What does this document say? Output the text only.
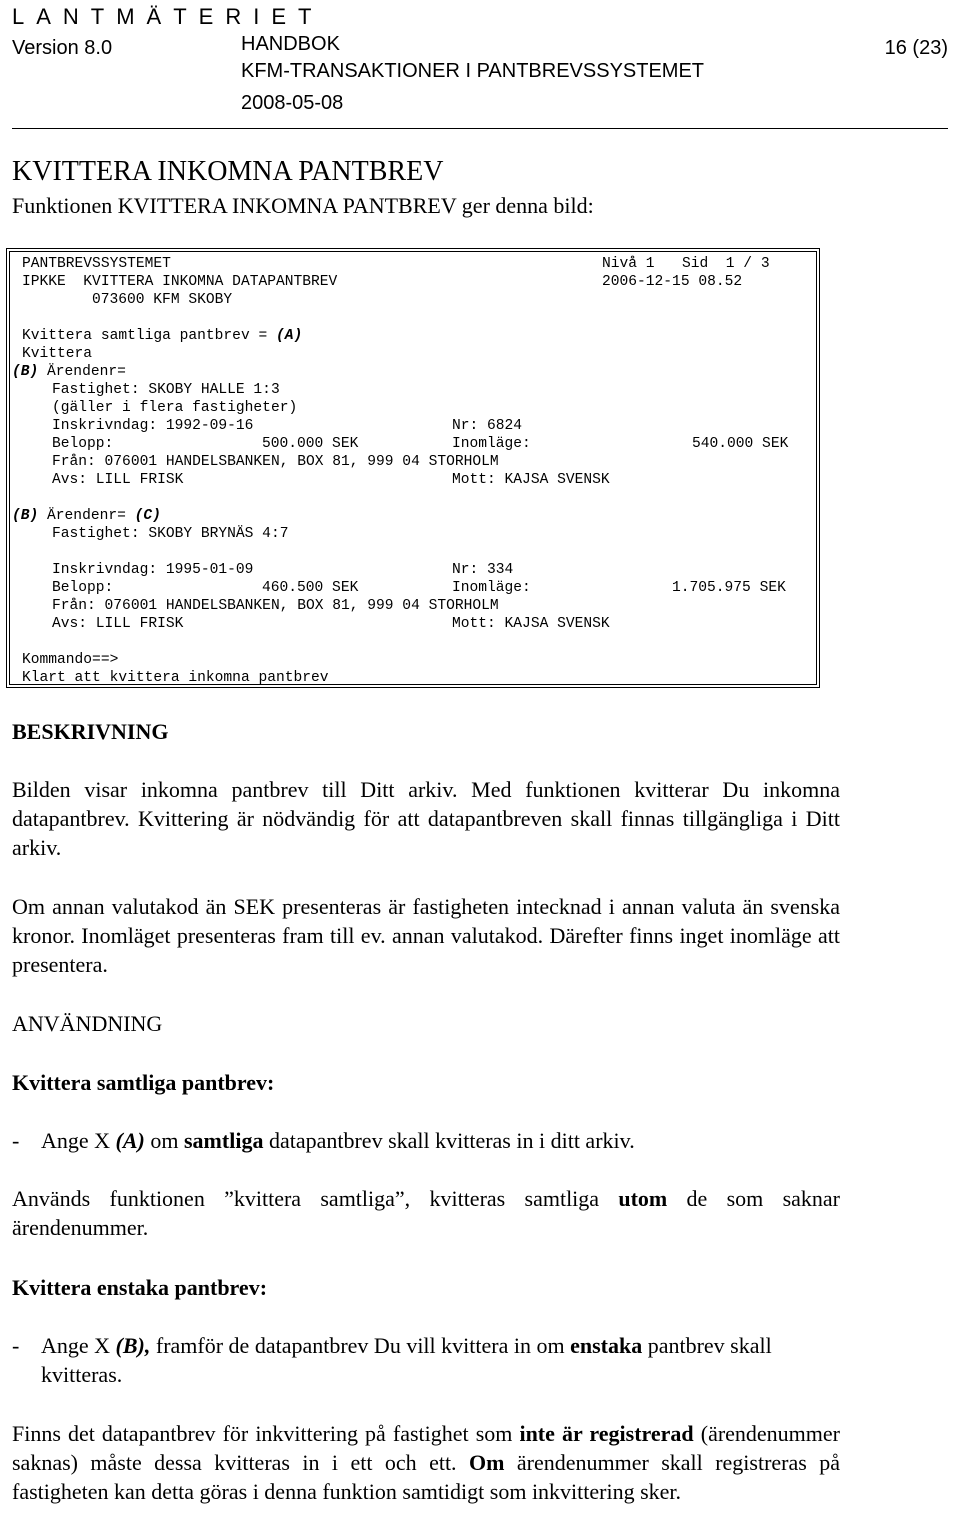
LANTMÄTERIET
Version 8.0	HANDBOK
KFM-TRANSAKTIONER I PANTBREVSSYSTEMET
2008-05-08
16 (23)
KVITTERA INKOMNA PANTBREV
Funktionen KVITTERA INKOMNA PANTBREV ger denna bild:
PANTBREVSSYSTEMET	Nivå 1 Sid  1 / 3
IPKKE  KVITTERA INKOMNA DATAPANTBREV	2006-12-15 08.52
073600 KFM SKOBY
Kvittera samtliga pantbrev = (A)
Kvittera
(B) Ärendenr=
Fastighet: SKOBY HALLE 1:3
(gäller i flera fastigheter)
Inskrivndag: 1992-09-16	Nr: 6824
Belopp:	500.000 SEK	Inomläge:	540.000 SEK
Från: 076001 HANDELSBANKEN, BOX 81, 999 04 STORHOLM
Avs: LILL FRISK	Mott: KAJSA SVENSK
(B) Ärendenr= (C)
Fastighet: SKOBY BRYNÄS 4:7
Inskrivndag: 1995-01-09	Nr: 334
Belopp:	460.500 SEK	Inomläge:	1.705.975 SEK
Från: 076001 HANDELSBANKEN, BOX 81, 999 04 STORHOLM
Avs: LILL FRISK	Mott: KAJSA SVENSK
Kommando==>
Klart att kvittera inkomna pantbrev
BESKRIVNING
Bilden visar inkomna pantbrev till Ditt arkiv. Med funktionen kvitterar Du inkomna datapantbrev. Kvittering är nödvändig för att datapantbreven skall finnas tillgängliga i Ditt arkiv.
Om annan valutakod än SEK presenteras är fastigheten intecknad i annan valuta än svenska kronor. Inomläget presenteras fram till ev. annan valutakod. Därefter finns inget inomläge att presentera.
ANVÄNDNING
Kvittera samtliga pantbrev:
- Ange X (A) om samtliga datapantbrev skall kvitteras in i ditt arkiv.
Används funktionen ”kvittera samtliga”, kvitteras samtliga utom de som saknar ärendenummer.
Kvittera enstaka pantbrev:
- Ange X (B), framför de datapantbrev Du vill kvittera in om enstaka pantbrev skall kvitteras.
Finns det datapantbrev för inkvittering på fastighet som inte är registrerad (ärendenummer saknas) måste dessa kvitteras in i ett och ett. Om ärendenummer skall registreras på fastigheten kan detta göras i denna funktion samtidigt som inkvittering sker.
